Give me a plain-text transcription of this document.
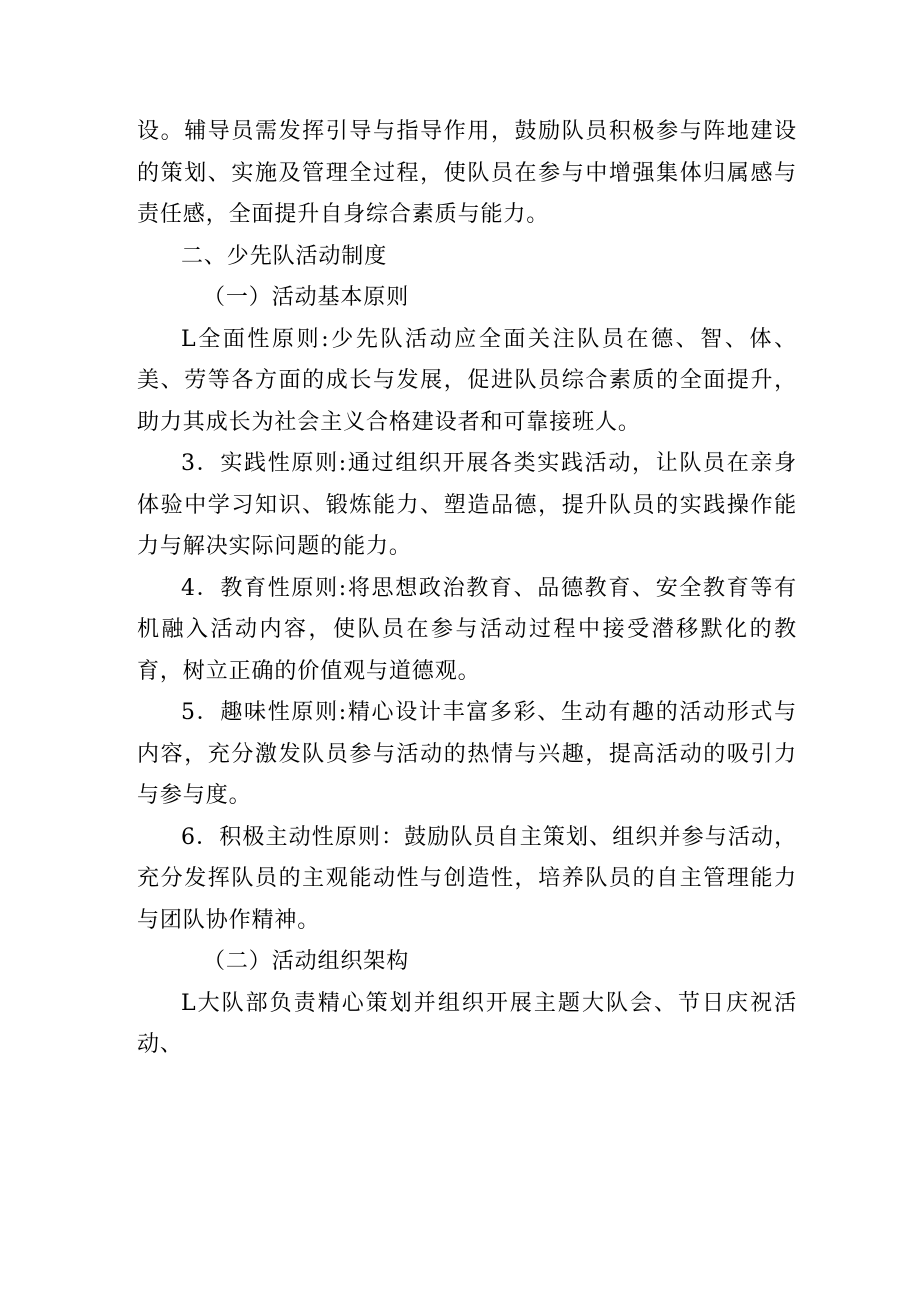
设。辅导员需发挥引导与指导作用，鼓励队员积极参与阵地建设的策划、实施及管理全过程，使队员在参与中增强集体归属感与责任感，全面提升自身综合素质与能力。

二、少先队活动制度

（一）活动基本原则

L全面性原则:少先队活动应全面关注队员在德、智、体、美、劳等各方面的成长与发展，促进队员综合素质的全面提升，助力其成长为社会主义合格建设者和可靠接班人。

3．实践性原则:通过组织开展各类实践活动，让队员在亲身体验中学习知识、锻炼能力、塑造品德，提升队员的实践操作能力与解决实际问题的能力。

4．教育性原则:将思想政治教育、品德教育、安全教育等有机融入活动内容，使队员在参与活动过程中接受潜移默化的教育，树立正确的价值观与道德观。

5．趣味性原则:精心设计丰富多彩、生动有趣的活动形式与内容，充分激发队员参与活动的热情与兴趣，提高活动的吸引力与参与度。

6．积极主动性原则：鼓励队员自主策划、组织并参与活动，充分发挥队员的主观能动性与创造性，培养队员的自主管理能力与团队协作精神。

（二）活动组织架构

L大队部负责精心策划并组织开展主题大队会、节日庆祝活动、
